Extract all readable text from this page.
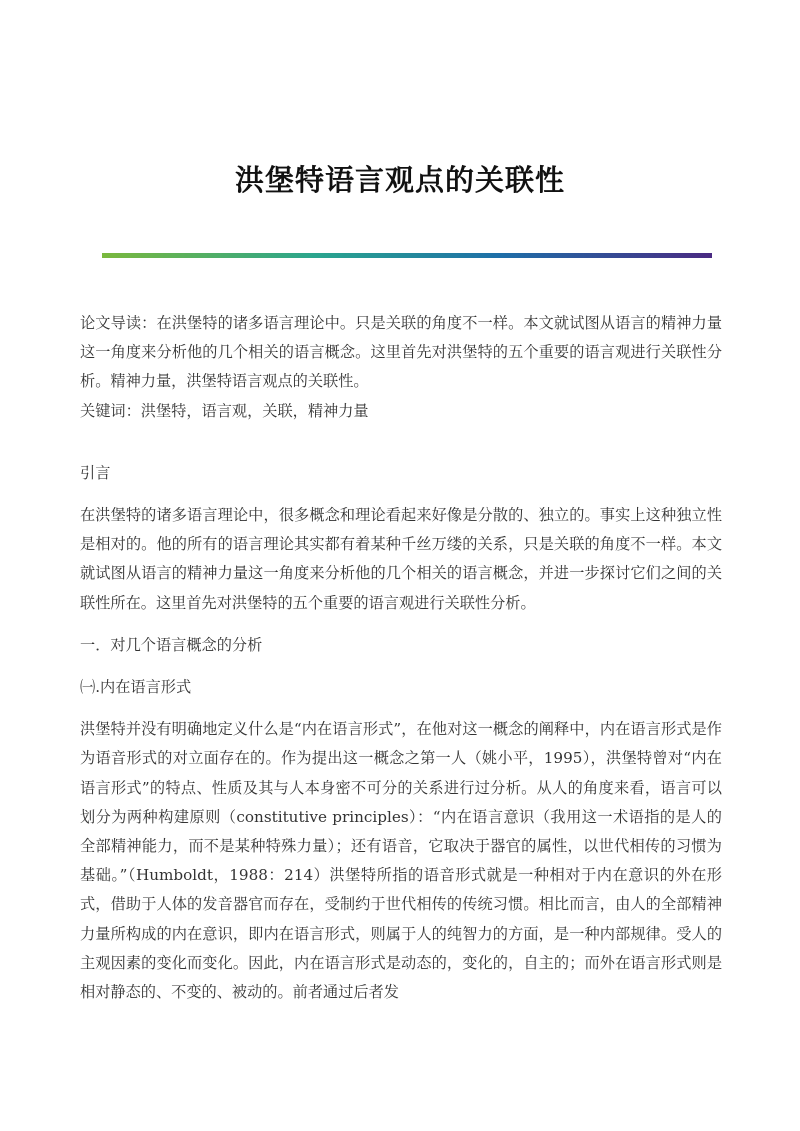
洪堡特语言观点的关联性

论文导读：在洪堡特的诸多语言理论中。只是关联的角度不一样。本文就试图从语言的精神力量这一角度来分析他的几个相关的语言概念。这里首先对洪堡特的五个重要的语言观进行关联性分析。精神力量，洪堡特语言观点的关联性。

关键词：洪堡特，语言观，关联，精神力量

引言

在洪堡特的诸多语言理论中，很多概念和理论看起来好像是分散的、独立的。事实上这种独立性是相对的。他的所有的语言理论其实都有着某种千丝万缕的关系，只是关联的角度不一样。本文就试图从语言的精神力量这一角度来分析他的几个相关的语言概念，并进一步探讨它们之间的关联性所在。这里首先对洪堡特的五个重要的语言观进行关联性分析。

一．对几个语言概念的分析

㈠.内在语言形式

洪堡特并没有明确地定义什么是“内在语言形式”，在他对这一概念的阐释中，内在语言形式是作为语音形式的对立面存在的。作为提出这一概念之第一人（姚小平，1995），洪堡特曾对“内在语言形式”的特点、性质及其与人本身密不可分的关系进行过分析。从人的角度来看，语言可以划分为两种构建原则（constitutive principles）：“内在语言意识（我用这一术语指的是人的全部精神能力，而不是某种特殊力量）；还有语音，它取决于器官的属性，以世代相传的习惯为基础。”（Humboldt，1988：214）洪堡特所指的语音形式就是一种相对于内在意识的外在形式，借助于人体的发音器官而存在，受制约于世代相传的传统习惯。相比而言，由人的全部精神力量所构成的内在意识，即内在语言形式，则属于人的纯智力的方面，是一种内部规律。受人的主观因素的变化而变化。因此，内在语言形式是动态的，变化的，自主的；而外在语言形式则是相对静态的、不变的、被动的。前者通过后者发
